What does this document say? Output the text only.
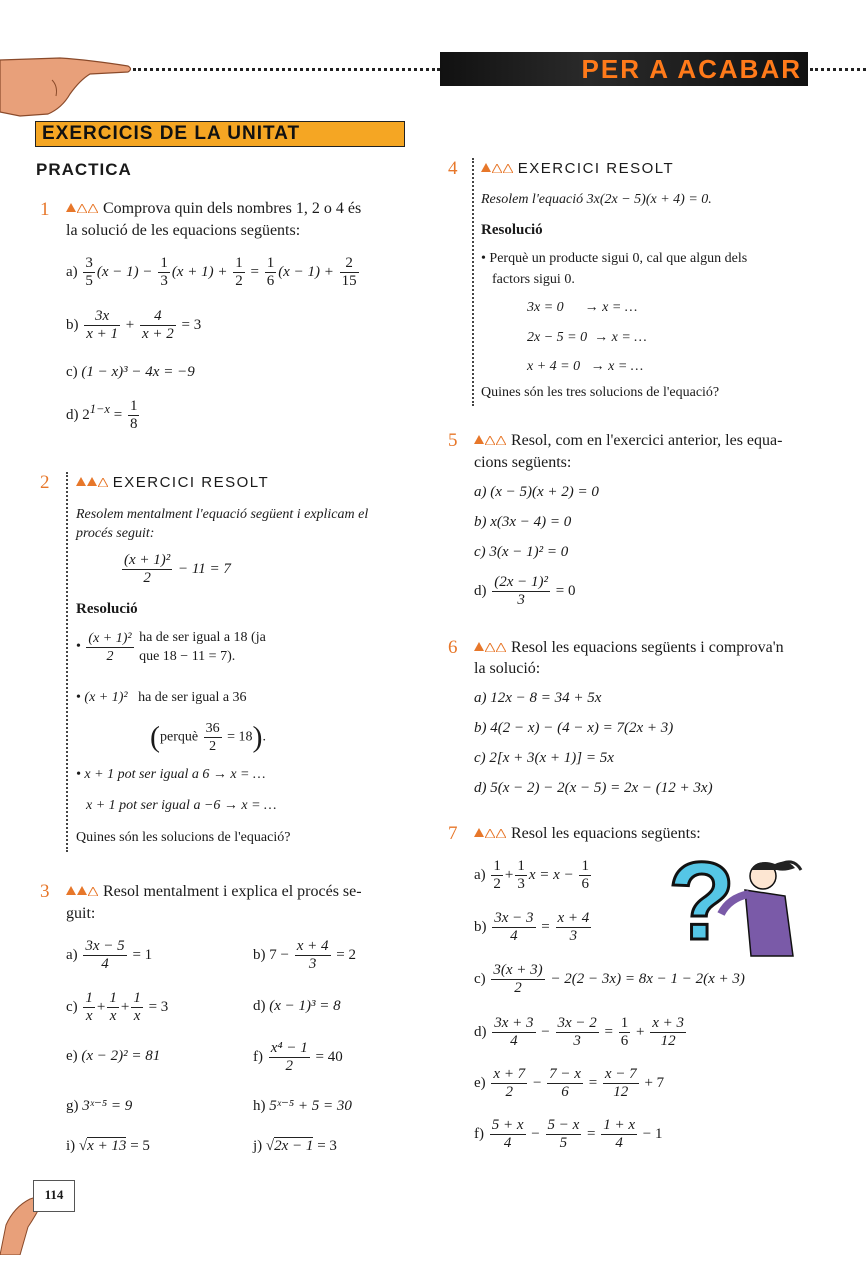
PER A ACABAR
EXERCICIS DE LA UNITAT
PRACTICA
1	Comprova quin dels nombres 1, 2 o 4 és
la solució de les equacions següents:
$a) \frac{3}{5} (x - 1) - \frac{1}{3} (x + 1) + \frac{1}{2} = \frac{1}{6} (x - 1) + \frac{2}{15}$
$b) \frac{3x}{x + 1} + \frac{4}{x + 2} = 3$
c) (1 − x)³ − 4x = −9
d) $2^{1-x} = \frac{1}{8}$
2	EXERCICI RESOLT
Resolem mentalment l'equació següent i explicam el
procés seguit:
$\frac{\text{(x + 1)²}}{2} - 11 = 7$
Resolució
• $\frac{\text{(x + 1)²}}{2}$ ha de ser igual a 18 (ja
que 18 − 11 = 7).
• (x + 1)² ha de ser igual a 36
(perquè $\frac{36}{2} = 18$).
• x + 1 pot ser igual a 6 → x = …
x + 1 pot ser igual a −6 → x = …
Quines són les solucions de l'equació?
3	Resol mentalment i explica el procés se-
guit:
$a) \frac{3x - 5}{4} = 1$	b) $7 - \frac{x + 4}{3} = 2$
$c) \frac{1}{x} + \frac{1}{x} + \frac{1}{x} = 3$	d) (x − 1)³ = 8
e) (x − 2)² = 81	$f) \frac{\text{x⁴ − 1}}{2} = 40$
g) 3ˣ⁻⁵ = 9	h) 5ˣ⁻⁵ + 5 = 30
i) √x + 13 = 5	j) √2x − 1 = 3
114
4	EXERCICI RESOLT
Resolem l'equació 3x(2x − 5)(x + 4) = 0.
Resolució
• Perquè un producte sigui 0, cal que algun dels
factors sigui 0.
3x = 0      → x = …
2x − 5 = 0  → x = …
x + 4 = 0   → x = …
Quines són les tres solucions de l'equació?
5	Resol, com en l'exercici anterior, les equa-
cions següents:
a) (x − 5)(x + 2) = 0
b) x(3x − 4) = 0
c) 3(x − 1)² = 0
$d) \frac{\text{(2x − 1)²}}{3} = 0$
6	Resol les equacions següents i comprova'n
la solució:
a) 12x − 8 = 34 + 5x
b) 4(2 − x) − (4 − x) = 7(2x + 3)
c) 2[x + 3(x + 1)] = 5x
d) 5(x − 2) − 2(x − 5) = 2x − (12 + 3x)
7	Resol les equacions següents:
$a) \frac{1}{2} + \frac{1}{3}$ $x = x - \frac{1}{6}$
$b) \frac{3x - 3}{4} = \frac{x + 4}{3}$
$c) \frac{3(x + 3)}{2} - 2(2 - 3x) = 8x - 1 - 2(x + 3)$
$d) \frac{3x + 3}{4} - \frac{3x - 2}{3} = \frac{1}{6} + \frac{x + 3}{12}$
$e) \frac{x + 7}{2} - \frac{7 - x}{6} = \frac{x - 7}{12} + 7$
$f) \frac{5 + x}{4} - \frac{5 - x}{5} = \frac{1 + x}{4} - 1$
?
